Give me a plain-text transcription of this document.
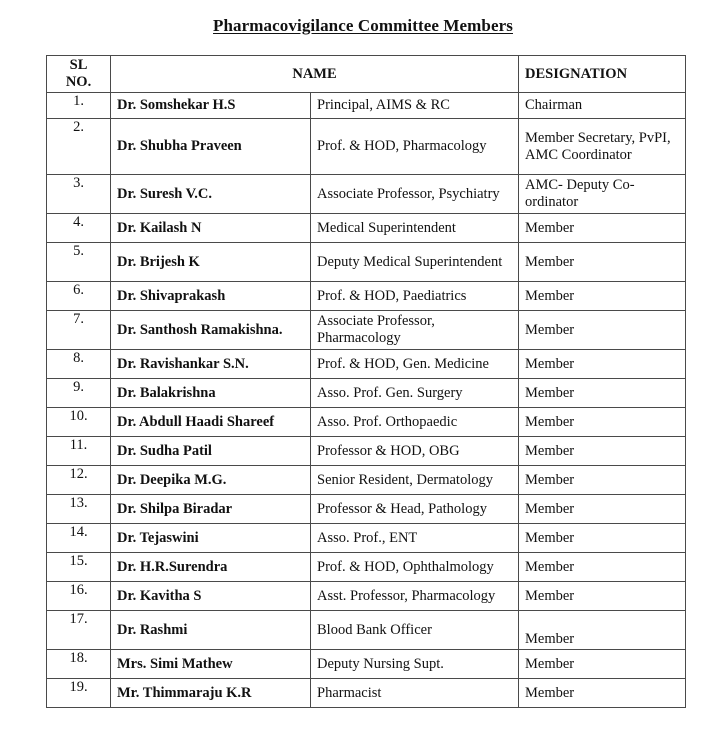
Pharmacovigilance Committee Members
SL
NO.	NAME		DESIGNATION
1.	Dr. Somshekar H.S	Principal, AIMS & RC	Chairman
2.	Dr. Shubha Praveen	Prof. & HOD, Pharmacology	Member Secretary, PvPI, AMC Coordinator
3.	Dr. Suresh V.C.	Associate Professor, Psychiatry	AMC- Deputy Co-ordinator
4.	Dr. Kailash N	Medical Superintendent	Member
5.	Dr. Brijesh K	Deputy Medical Superintendent	Member
6.	Dr. Shivaprakash	Prof. & HOD, Paediatrics	Member
7.	Dr. Santhosh Ramakishna.	Associate Professor, Pharmacology	Member
8.	Dr. Ravishankar S.N.	Prof. & HOD, Gen. Medicine	Member
9.	Dr. Balakrishna	Asso. Prof. Gen. Surgery	Member
10.	Dr. Abdull Haadi Shareef	Asso. Prof. Orthopaedic	Member
11.	Dr. Sudha Patil	Professor & HOD, OBG	Member
12.	Dr. Deepika M.G.	Senior Resident, Dermatology	Member
13.	Dr. Shilpa Biradar	Professor & Head, Pathology	Member
14.	Dr. Tejaswini	Asso. Prof., ENT	Member
15.	Dr. H.R.Surendra	Prof. & HOD, Ophthalmology	Member
16.	Dr. Kavitha S	Asst. Professor, Pharmacology	Member
17.	Dr. Rashmi	Blood Bank Officer	Member
18.	Mrs. Simi Mathew	Deputy Nursing Supt.	Member
19.	Mr. Thimmaraju K.R	Pharmacist	Member
